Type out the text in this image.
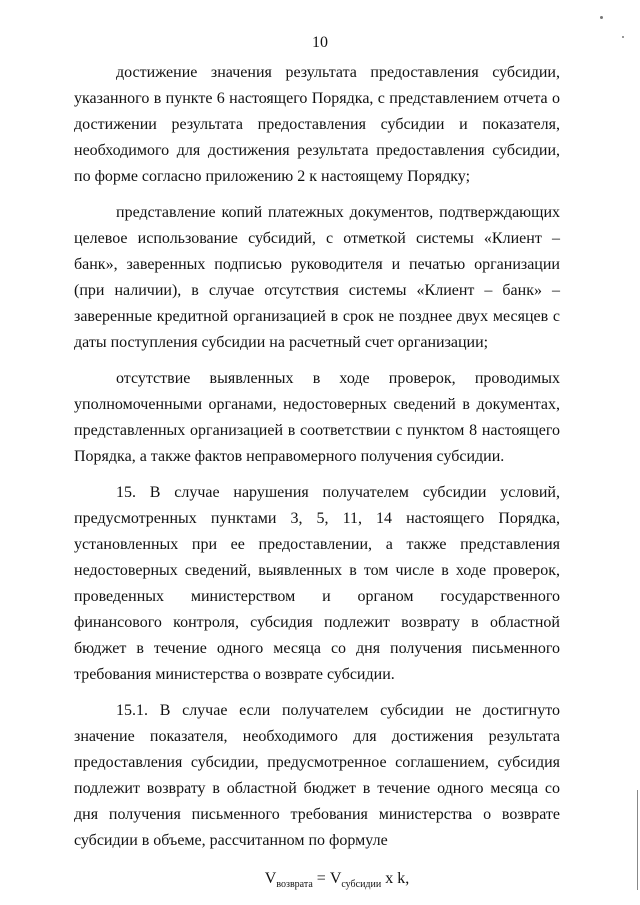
10

достижение значения результата предоставления субсидии, указанного в пункте 6 настоящего Порядка, с представлением отчета о достижении результата предоставления субсидии и показателя, необходимого для достижения результата предоставления субсидии, по форме согласно приложению 2 к настоящему Порядку;

представление копий платежных документов, подтверждающих целевое использование субсидий, с отметкой системы «Клиент – банк», заверенных подписью руководителя и печатью организации (при наличии), в случае отсутствия системы «Клиент – банк» – заверенные кредитной организацией в срок не позднее двух месяцев с даты поступления субсидии на расчетный счет организации;

отсутствие выявленных в ходе проверок, проводимых уполномоченными органами, недостоверных сведений в документах, представленных организацией в соответствии с пунктом 8 настоящего Порядка, а также фактов неправомерного получения субсидии.

15. В случае нарушения получателем субсидии условий, предусмотренных пунктами 3, 5, 11, 14 настоящего Порядка, установленных при ее предоставлении, а также представления недостоверных сведений, выявленных в том числе в ходе проверок, проведенных министерством и органом государственного финансового контроля, субсидия подлежит возврату в областной бюджет в течение одного месяца со дня получения письменного требования министерства о возврате субсидии.

15.1. В случае если получателем субсидии не достигнуто значение показателя, необходимого для достижения результата предоставления субсидии, предусмотренное соглашением, субсидия подлежит возврату в областной бюджет в течение одного месяца со дня получения письменного требования министерства о возврате субсидии в объеме, рассчитанном по формуле

$V_{возврата} = V_{субсидии}$ x k,
